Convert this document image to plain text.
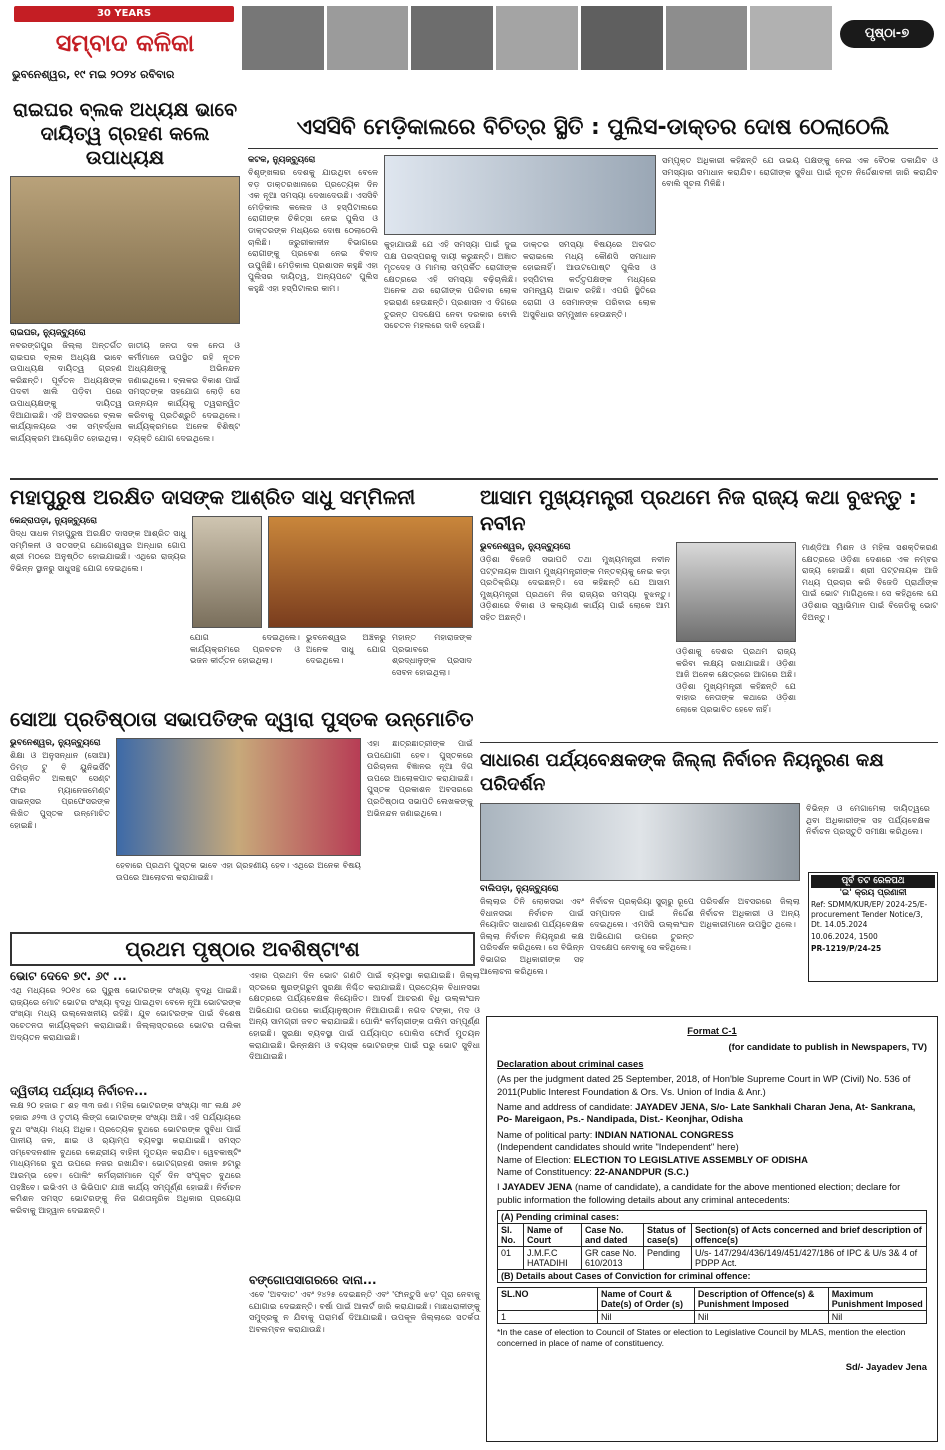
30 YEARS
ସମ୍ବାଦ କଳିକା
ଭୁବନେଶ୍ୱର, ୧୯ ମଇ ୨୦୨୪ ରବିବାର
ପୃଷ୍ଠା-୭
ରାଇଘର ବ୍ଲକ ଅଧ୍ୟକ୍ଷ ଭାବେ ଦାୟିତ୍ୱ ଗ୍ରହଣ କଲେ ଉପାଧ୍ୟକ୍ଷ
ରାଇଘର, ନ୍ୟୁଜ୍‌ବ୍ୟୁରୋ
ନବରଙ୍ଗପୁର ଜିଲ୍ଲା ଅନ୍ତର୍ଗତ ରାଇଘର ବ୍ଲକ ଅଧ୍ୟକ୍ଷ ଭାବେ ଉପାଧ୍ୟକ୍ଷ ଦାୟିତ୍ୱ ଗ୍ରହଣ କରିଛନ୍ତି। ପୂର୍ବତନ ଅଧ୍ୟକ୍ଷଙ୍କ ପଦବୀ ଖାଲି ପଡ଼ିବା ପରେ ଉପାଧ୍ୟକ୍ଷଙ୍କୁ ଦାୟିତ୍ୱ ଦିଆଯାଇଛି। ଏହି ଅବସରରେ ବ୍ଲକ କାର୍ଯ୍ୟାଳୟରେ ଏକ ସମ୍ବର୍ଦ୍ଧନା କାର୍ଯ୍ୟକ୍ରମ ଆୟୋଜିତ ହୋଇଥିଲା।
ଜାତୀୟ ଜନତା ଦଳ ନେତା ଓ କର୍ମୀମାନେ ଉପସ୍ଥିତ ରହି ନୂତନ ଅଧ୍ୟକ୍ଷଙ୍କୁ ଅଭିନନ୍ଦନ ଜଣାଇଥିଲେ। ବ୍ଲକର ବିକାଶ ପାଇଁ ସମସ୍ତଙ୍କ ସହଯୋଗ ଲୋଡ଼ି ସେ ଉନ୍ନୟନ କାର୍ଯ୍ୟକୁ ତ୍ୱରାନ୍ୱିତ କରିବାକୁ ପ୍ରତିଶ୍ରୁତି ଦେଇଥିଲେ। କାର୍ଯ୍ୟକ୍ରମରେ ଅନେକ ବିଶିଷ୍ଟ ବ୍ୟକ୍ତି ଯୋଗ ଦେଇଥିଲେ।
ଏସସିବି ମେଡ଼ିକାଲରେ ବିଚିତ୍ର ସ୍ଥିତି : ପୁଲିସ-ଡାକ୍ତର ଦୋଷ ଠେଲାଠେଲି
କଟକ, ନ୍ୟୁଜ୍‌ବ୍ୟୁରୋ
ବିଶୃଙ୍ଖଳାର ଦେଶକୁ ଯାଉଥିବା ବେଳେ ବଡ଼ ଡାକ୍ତରଖାନାରେ ପ୍ରତ୍ୟେକ ଦିନ ଏକ ନୂଆ ସମସ୍ୟା ଦେଖାଦେଉଛି। ଏସସିବି ମେଡ଼ିକାଲ କଲେଜ ଓ ହସ୍ପିଟାଲରେ ରୋଗୀଙ୍କ ଚିକିତ୍ସା ନେଇ ପୁଲିସ ଓ ଡାକ୍ତରଙ୍କ ମଧ୍ୟରେ ଦୋଷ ଠେଲାଠେଲି ଚାଲିଛି। ଜରୁରୀକାଳୀନ ବିଭାଗରେ ରୋଗୀଙ୍କୁ ପ୍ରବେଶ ନେଇ ବିବାଦ ଉପୁଜିଛି। ମେଡ଼ିକାଲ ପ୍ରଶାସନ କହୁଛି ଏହା ପୁଲିସର ଦାୟିତ୍ୱ, ଅନ୍ୟପଟେ ପୁଲିସ କହୁଛି ଏହା ହସ୍ପିଟାଲର କାମ।
କୁହାଯାଉଛି ଯେ ଏହି ସମସ୍ୟା ପାଇଁ ଦୁଇ ପକ୍ଷ ପରସ୍ପରକୁ ଦାୟୀ କରୁଛନ୍ତି। ଅଜ୍ଞାତ ମୃତଦେହ ଓ ମାମଲା ସମ୍ପର୍କିତ ରୋଗୀଙ୍କ କ୍ଷେତ୍ରରେ ଏହି ସମସ୍ୟା ବଢ଼ିଚାଲିଛି। ଅନେକ ଥର ରୋଗୀଙ୍କ ପରିବାର ଲୋକ ହଇରାଣ ହେଉଛନ୍ତି। ପ୍ରଶାସନ ଏ ଦିଗରେ ତୁରନ୍ତ ପଦକ୍ଷେପ ନେବା ଦରକାର ବୋଲି ସଚେତନ ମହଲରେ ଦାବି ହେଉଛି।
ଡାକ୍ତର ସମସ୍ୟା ବିଷୟରେ ଅବଗତ କରାଇଲେ ମଧ୍ୟ କୌଣସି ସମାଧାନ ହୋଇନାହିଁ। ଆଉଟପୋଷ୍ଟ ପୁଲିସ ଓ ହସ୍ପିଟାଲ କର୍ତ୍ତୃପକ୍ଷଙ୍କ ମଧ୍ୟରେ ସମନ୍ୱୟ ଅଭାବ ରହିଛି। ଏପରି ସ୍ଥିତିରେ ରୋଗୀ ଓ ସେମାନଙ୍କ ପରିବାର ଲୋକ ଅସୁବିଧାର ସମ୍ମୁଖୀନ ହେଉଛନ୍ତି।
ସମ୍ପୃକ୍ତ ଅଧିକାରୀ କହିଛନ୍ତି ଯେ ଉଭୟ ପକ୍ଷଙ୍କୁ ନେଇ ଏକ ବୈଠକ ଡକାଯିବ ଓ ସମସ୍ୟାର ସମାଧାନ କରାଯିବ। ରୋଗୀଙ୍କ ସୁବିଧା ପାଇଁ ନୂତନ ନିର୍ଦ୍ଦେଶାବଳୀ ଜାରି କରାଯିବ ବୋଲି ସୂଚନା ମିଳିଛି।
ମହାପୁରୁଷ ଅରକ୍ଷିତ ଦାସଙ୍କ ଆଶ୍ରିତ ସାଧୁ ସମ୍ମିଳନୀ
କେନ୍ଦ୍ରାପଡ଼ା, ନ୍ୟୁଜ୍‌ବ୍ୟୁରୋ
ସିଦ୍ଧ ସାଧକ ମହାପୁରୁଷ ଅରକ୍ଷିତ ଦାସଙ୍କ ଆଶ୍ରିତ ସାଧୁ ସମ୍ମିଳନୀ ଓ ସତସଙ୍ଗ ଯୋଗେଶ୍ୱର ଅନ୍ଧାର ଗୋପ ଶ୍ରୀ ମଠରେ ଅନୁଷ୍ଠିତ ହୋଇଯାଇଛି। ଏଥିରେ ରାଜ୍ୟର ବିଭିନ୍ନ ସ୍ଥାନରୁ ସାଧୁସନ୍ଥ ଯୋଗ ଦେଇଥିଲେ।
ଯୋଗ ଦେଇଥିଲେ। କାର୍ଯ୍ୟକ୍ରମରେ ପ୍ରବଚନ ଓ ଭଜନ କୀର୍ତ୍ତନ ହୋଇଥିଲା।
ଭୁବନେଶ୍ୱର ଅଞ୍ଚଳରୁ ଅନେକ ସାଧୁ ଯୋଗ ଦେଇଥିଲେ।
ମହାନ୍ତ ମହାରାଜଙ୍କ ପ୍ରଭାବରେ ଶ୍ରଦ୍ଧାଳୁଙ୍କ ପ୍ରସାଦ ସେବନ ହୋଇଥିଲା।
ଆସାମ ମୁଖ୍ୟମନ୍ତ୍ରୀ ପ୍ରଥମେ ନିଜ ରାଜ୍ୟ କଥା ବୁଝନ୍ତୁ : ନବୀନ
ଭୁବନେଶ୍ୱର, ନ୍ୟୁଜ୍‌ବ୍ୟୁରୋ
ଓଡ଼ିଶା ବିଜେଡି ସଭାପତି ତଥା ମୁଖ୍ୟମନ୍ତ୍ରୀ ନବୀନ ପଟ୍ଟନାୟକ ଆସାମ ମୁଖ୍ୟମନ୍ତ୍ରୀଙ୍କ ମନ୍ତବ୍ୟକୁ ନେଇ କଡ଼ା ପ୍ରତିକ୍ରିୟା ଦେଇଛନ୍ତି। ସେ କହିଛନ୍ତି ଯେ ଆସାମ ମୁଖ୍ୟମନ୍ତ୍ରୀ ପ୍ରଥମେ ନିଜ ରାଜ୍ୟର ସମସ୍ୟା ବୁଝନ୍ତୁ। ଓଡ଼ିଶାରେ ବିକାଶ ଓ କଲ୍ୟାଣ କାର୍ଯ୍ୟ ପାଇଁ ଲୋକେ ଆମ ସହିତ ଅଛନ୍ତି।
ଓଡ଼ିଶାକୁ ଦେଶର ପ୍ରଥମ ରାଜ୍ୟ କରିବା ଲକ୍ଷ୍ୟ ରଖାଯାଇଛି। ଓଡ଼ିଶା ଆଜି ଅନେକ କ୍ଷେତ୍ରରେ ଆଗରେ ଅଛି। ଓଡ଼ିଶା ମୁଖ୍ୟମନ୍ତ୍ରୀ କହିଛନ୍ତି ଯେ ବାହାର ନେତାଙ୍କ କଥାରେ ଓଡ଼ିଶା ଲୋକେ ପ୍ରଭାବିତ ହେବେ ନାହିଁ।
ମାଣ୍ଡିଆ ମିଶନ ଓ ମହିଳା ସଶକ୍ତିକରଣ କ୍ଷେତ୍ରରେ ଓଡ଼ିଶା ଦେଶରେ ଏକ ନମ୍ବର ରାଜ୍ୟ ହୋଇଛି। ଶ୍ରୀ ପଟ୍ଟନାୟକ ଆଜି ମଧ୍ୟ ପ୍ରଚାର କରି ବିଜେଡି ପ୍ରାର୍ଥୀଙ୍କ ପାଇଁ ଭୋଟ ମାଗିଥିଲେ। ସେ କହିଥିଲେ ଯେ ଓଡ଼ିଶାର ସ୍ୱାଭିମାନ ପାଇଁ ବିଜେଡିକୁ ଭୋଟ ଦିଅନ୍ତୁ।
ସୋଆ ପ୍ରତିଷ୍ଠାତା ସଭାପତିଙ୍କ ଦ୍ୱାରା ପୁସ୍ତକ ଉନ୍ମୋଚିତ
ଭୁବନେଶ୍ୱର, ନ୍ୟୁଜ୍‌ବ୍ୟୁରୋ
ଶିକ୍ଷା ଓ ଅନୁସନ୍ଧାନ (ସୋଆ) ଡିମ୍ଡ ଟୁ ବି ୟୁନିଭର୍ସିଟି ପରିଚାଳିତ ଅଲଷ୍ଟ ସେଣ୍ଟ ଫାର ମ୍ୟାନେଜମେଣ୍ଟ ସାଇନ୍ସର ପ୍ରଫେସରଙ୍କ ଲିଖିତ ପୁସ୍ତକ ଉନ୍ମୋଚିତ ହୋଇଛି।
ହେବାରେ ପ୍ରଥମ ପୁସ୍ତକ ଭାବେ ଏହା ଗ୍ରହଣୀୟ ହେବ। ଏଥିରେ ଅନେକ ବିଷୟ ଉପରେ ଆଲୋଚନା କରାଯାଇଛି।
ଏହା ଛାତ୍ରଛାତ୍ରୀଙ୍କ ପାଇଁ ଉପଯୋଗୀ ହେବ। ପୁସ୍ତକରେ ପରିଚାଳନା ବିଜ୍ଞାନର ନୂଆ ଦିଗ ଉପରେ ଆଲୋକପାତ କରାଯାଇଛି। ପୁସ୍ତକ ପ୍ରକାଶନ ଅବସରରେ ପ୍ରତିଷ୍ଠାତା ସଭାପତି ଲେଖକଙ୍କୁ ଅଭିନନ୍ଦନ ଜଣାଇଥିଲେ।
ସାଧାରଣ ପର୍ଯ୍ୟବେକ୍ଷକଙ୍କ ଜିଲ୍ଲା ନିର୍ବାଚନ ନିୟନ୍ତ୍ରଣ କକ୍ଷ ପରିଦର୍ଶନ
ବାଲିପଡ଼ା, ନ୍ୟୁଜ୍‌ବ୍ୟୁରୋ
ଜିଲ୍ଲାର ତିନି ଲୋକସଭା ଏବଂ ବିଧାନସଭା ନିର୍ବାଚନ ପାଇଁ ନିୟୋଜିତ ସାଧାରଣ ପର୍ଯ୍ୟବେକ୍ଷକ ଜିଲ୍ଲା ନିର୍ବାଚନ ନିୟନ୍ତ୍ରଣ କକ୍ଷ ପରିଦର୍ଶନ କରିଥିଲେ। ସେ ବିଭିନ୍ନ ବିଭାଗର ଅଧିକାରୀଙ୍କ ସହ ଆଲୋଚନା କରିଥିଲେ।
ନିର୍ବାଚନ ପ୍ରକ୍ରିୟା ସୁଚାରୁ ରୂପେ ସମ୍ପାଦନ ପାଇଁ ନିର୍ଦ୍ଦେଶ ଦେଇଥିଲେ। ଏମସିସି ଉଲ୍ଲଂଘନ ଅଭିଯୋଗ ଉପରେ ତୁରନ୍ତ ପଦକ୍ଷେପ ନେବାକୁ ସେ କହିଥିଲେ।
ପରିଦର୍ଶନ ଅବସରରେ ଜିଲ୍ଲା ନିର୍ବାଚନ ଅଧିକାରୀ ଓ ଅନ୍ୟ ଅଧିକାରୀମାନେ ଉପସ୍ଥିତ ଥିଲେ।
ବିଭିନ୍ନ ଓ ମେଗାମେଲା ଦାୟିତ୍ୱରେ ଥିବା ଅଧିକାରୀଙ୍କ ସହ ପର୍ଯ୍ୟବେକ୍ଷକ ନିର୍ବାଚନ ପ୍ରସ୍ତୁତି ସମୀକ୍ଷା କରିଥିଲେ।
ପୂର୍ବ ତଟ ରେଳପଥ
'ଇ' କ୍ରୟ ପ୍ରଣାଳୀ
Ref: SDMM/KUR/EP/ 2024-25/E-procurement Tender Notice/3, Dt. 14.05.2024
10.06.2024, 1500
PR-1219/P/24-25
ପ୍ରଥମ ପୃଷ୍ଠାର ଅବଶିଷ୍ଟାଂଶ
ଭୋଟ ଦେବେ ୭୯. ୬୯ ...
ଏଥି ମଧ୍ୟରେ ୨୦୧୪ ରେ ପୁରୁଷ ଭୋଟରଙ୍କ ସଂଖ୍ୟା ବୃଦ୍ଧି ପାଇଛି। ରାଜ୍ୟରେ ମୋଟ ଭୋଟର ସଂଖ୍ୟା ବୃଦ୍ଧି ପାଇଥିବା ବେଳେ ନୂଆ ଭୋଟରଙ୍କ ସଂଖ୍ୟା ମଧ୍ୟ ଉଲ୍ଲେଖନୀୟ ରହିଛି। ଯୁବ ଭୋଟରଙ୍କ ପାଇଁ ବିଶେଷ ସଚେତନତା କାର୍ଯ୍ୟକ୍ରମ କରାଯାଇଛି। ଜିଲ୍ଲାସ୍ତରରେ ଭୋଟର ତାଲିକା ଅଦ୍ୟତନ କରାଯାଇଛି।
ଦ୍ୱିତୀୟ ପର୍ଯ୍ୟାୟ ନିର୍ବାଚନ...
ଲକ୍ଷ ୨୦ ହଜାର ୮ ଶହ ୩୩ ଜଣ। ମହିଳା ଭୋଟରଙ୍କ ସଂଖ୍ୟା ୩୮ ଲକ୍ଷ ୬୧ ହଜାର ୬୨୩ ଓ ତୃତୀୟ ଲିଙ୍ଗ ଭୋଟରଙ୍କ ସଂଖ୍ୟା ଅଛି। ଏହି ପର୍ଯ୍ୟାୟରେ ବୁଥ ସଂଖ୍ୟା ମଧ୍ୟ ଅଧିକ। ପ୍ରତ୍ୟେକ ବୁଥରେ ଭୋଟରଙ୍କ ସୁବିଧା ପାଇଁ ପାନୀୟ ଜଳ, ଛାଇ ଓ ର‌୍ୟାମ୍ପ ବ୍ୟବସ୍ଥା କରାଯାଇଛି। ସମସ୍ତ ସମ୍ବେଦନଶୀଳ ବୁଥରେ କେନ୍ଦ୍ରୀୟ ବାହିନୀ ମୁତୟନ କରାଯିବ। ୱେବକାଷ୍ଟିଂ ମାଧ୍ୟମରେ ବୁଥ ଉପରେ ନଜର ରଖାଯିବ। ଭୋଟଗ୍ରହଣ ସକାଳ ୭ଟାରୁ ଆରମ୍ଭ ହେବ। ପୋଲିଂ କର୍ମଚାରୀମାନେ ପୂର୍ବ ଦିନ ସଂପୃକ୍ତ ବୁଥରେ ପହଞ୍ଚିବେ। ଇଭିଏମ ଓ ଭିଭିପାଟ ଯାଞ୍ଚ କାର୍ଯ୍ୟ ସମ୍ପୂର୍ଣ୍ଣ ହୋଇଛି। ନିର୍ବାଚନ କମିଶନ ସମସ୍ତ ଭୋଟରଙ୍କୁ ନିଜ ଗଣତାନ୍ତ୍ରିକ ଅଧିକାର ପ୍ରୟୋଗ କରିବାକୁ ଆହ୍ୱାନ ଦେଇଛନ୍ତି।
ଏହାର ପ୍ରଥମ ଦିନ ଭୋଟ ଗଣତି ପାଇଁ ବ୍ୟବସ୍ଥା କରାଯାଇଛି। ଜିଲ୍ଲା ସ୍ତରରେ ଷ୍ଟ୍ରଙ୍ଗରୁମ ସୁରକ୍ଷା ନିଶ୍ଚିତ କରାଯାଇଛି। ପ୍ରତ୍ୟେକ ବିଧାନସଭା କ୍ଷେତ୍ରରେ ପର୍ଯ୍ୟବେକ୍ଷକ ନିୟୋଜିତ। ଆଦର୍ଶ ଆଚରଣ ବିଧି ଉଲ୍ଲଂଘନ ଅଭିଯୋଗ ଉପରେ କାର୍ଯ୍ୟାନୁଷ୍ଠାନ ନିଆଯାଉଛି। ନଗଦ ଟଙ୍କା, ମଦ ଓ ଅନ୍ୟ ସାମଗ୍ରୀ ଜବତ କରାଯାଇଛି। ପୋଲିଂ କର୍ମଚାରୀଙ୍କ ତାଲିମ ସମ୍ପୂର୍ଣ୍ଣ ହୋଇଛି। ସୁରକ୍ଷା ବ୍ୟବସ୍ଥା ପାଇଁ ପର୍ଯ୍ୟାପ୍ତ ପୋଲିସ ଫୋର୍ସ ମୁତୟନ କରାଯାଇଛି। ଭିନ୍ନକ୍ଷମ ଓ ବୟସ୍କ ଭୋଟରଙ୍କ ପାଇଁ ଘରୁ ଭୋଟ ସୁବିଧା ଦିଆଯାଇଛି।
ବଙ୍ଗୋପସାଗରରେ ଦାନା...
ଏବେ 'ଅବଦାତ' ଏବଂ ୨୪୨୫ ଦେଇଛନ୍ତି ଏବଂ 'ଫାନ୍ତୁସି ଝଡ଼' ପୂରା ନେବାକୁ ଯୋଗାଇ ଦେଇଛନ୍ତି। ବର୍ଷା ପାଇଁ ଆଲର୍ଟ ଜାରି କରାଯାଇଛି। ମାଛଧରାଳୀଙ୍କୁ ସମୁଦ୍ରକୁ ନ ଯିବାକୁ ପରାମର୍ଶ ଦିଆଯାଇଛି। ଉପକୂଳ ଜିଲ୍ଲାରେ ସତର୍କତା ଅବଲମ୍ବନ କରାଯାଉଛି।

Format C-1

(for candidate to publish in Newspapers, TV)

Declaration about criminal cases

(As per the judgment dated 25 September, 2018, of Hon'ble Supreme Court in WP (Civil) No. 536 of 2011(Public Interest Foundation & Ors. Vs. Union of India & Anr.)

Name and address of candidate: JAYADEV JENA, S/o- Late Sankhali Charan Jena, At- Sankrana, Po- Mareigaon, Ps.- Nandipada, Dist.- Keonjhar, Odisha

Name of political party: INDIAN NATIONAL CONGRESS

(Independent candidates should write "Independent" here)

Name of Election: ELECTION TO LEGISLATIVE ASSEMBLY OF ODISHA

Name of Constituency: 22-ANANDPUR (S.C.)

I JAYADEV JENA (name of candidate), a candidate for the above mentioned election; declare for public information the following details about any criminal antecedents:

(A) Pending criminal cases:				
Sl. No.	Name of Court	Case No. and dated	Status of case(s)	Section(s) of Acts concerned and brief description of offence(s)
01	J.M.F.C HATADIHI	GR case No. 610/2013	Pending	U/s- 147/294/436/149/451/427/186 of IPC & U/s 3& 4 of PDPP Act.
(B) Details about Cases of Conviction for criminal offence:				
SL.NO	Name of Court & Date(s) of Order (s)	Description of Offence(s) & Punishment Imposed	Maximum Punishment Imposed
1	Nil	Nil	Nil

*In the case of election to Council of States or election to Legislative Council by MLAS, mention the election concerned in place of name of constituency.

Sd/- Jayadev Jena
